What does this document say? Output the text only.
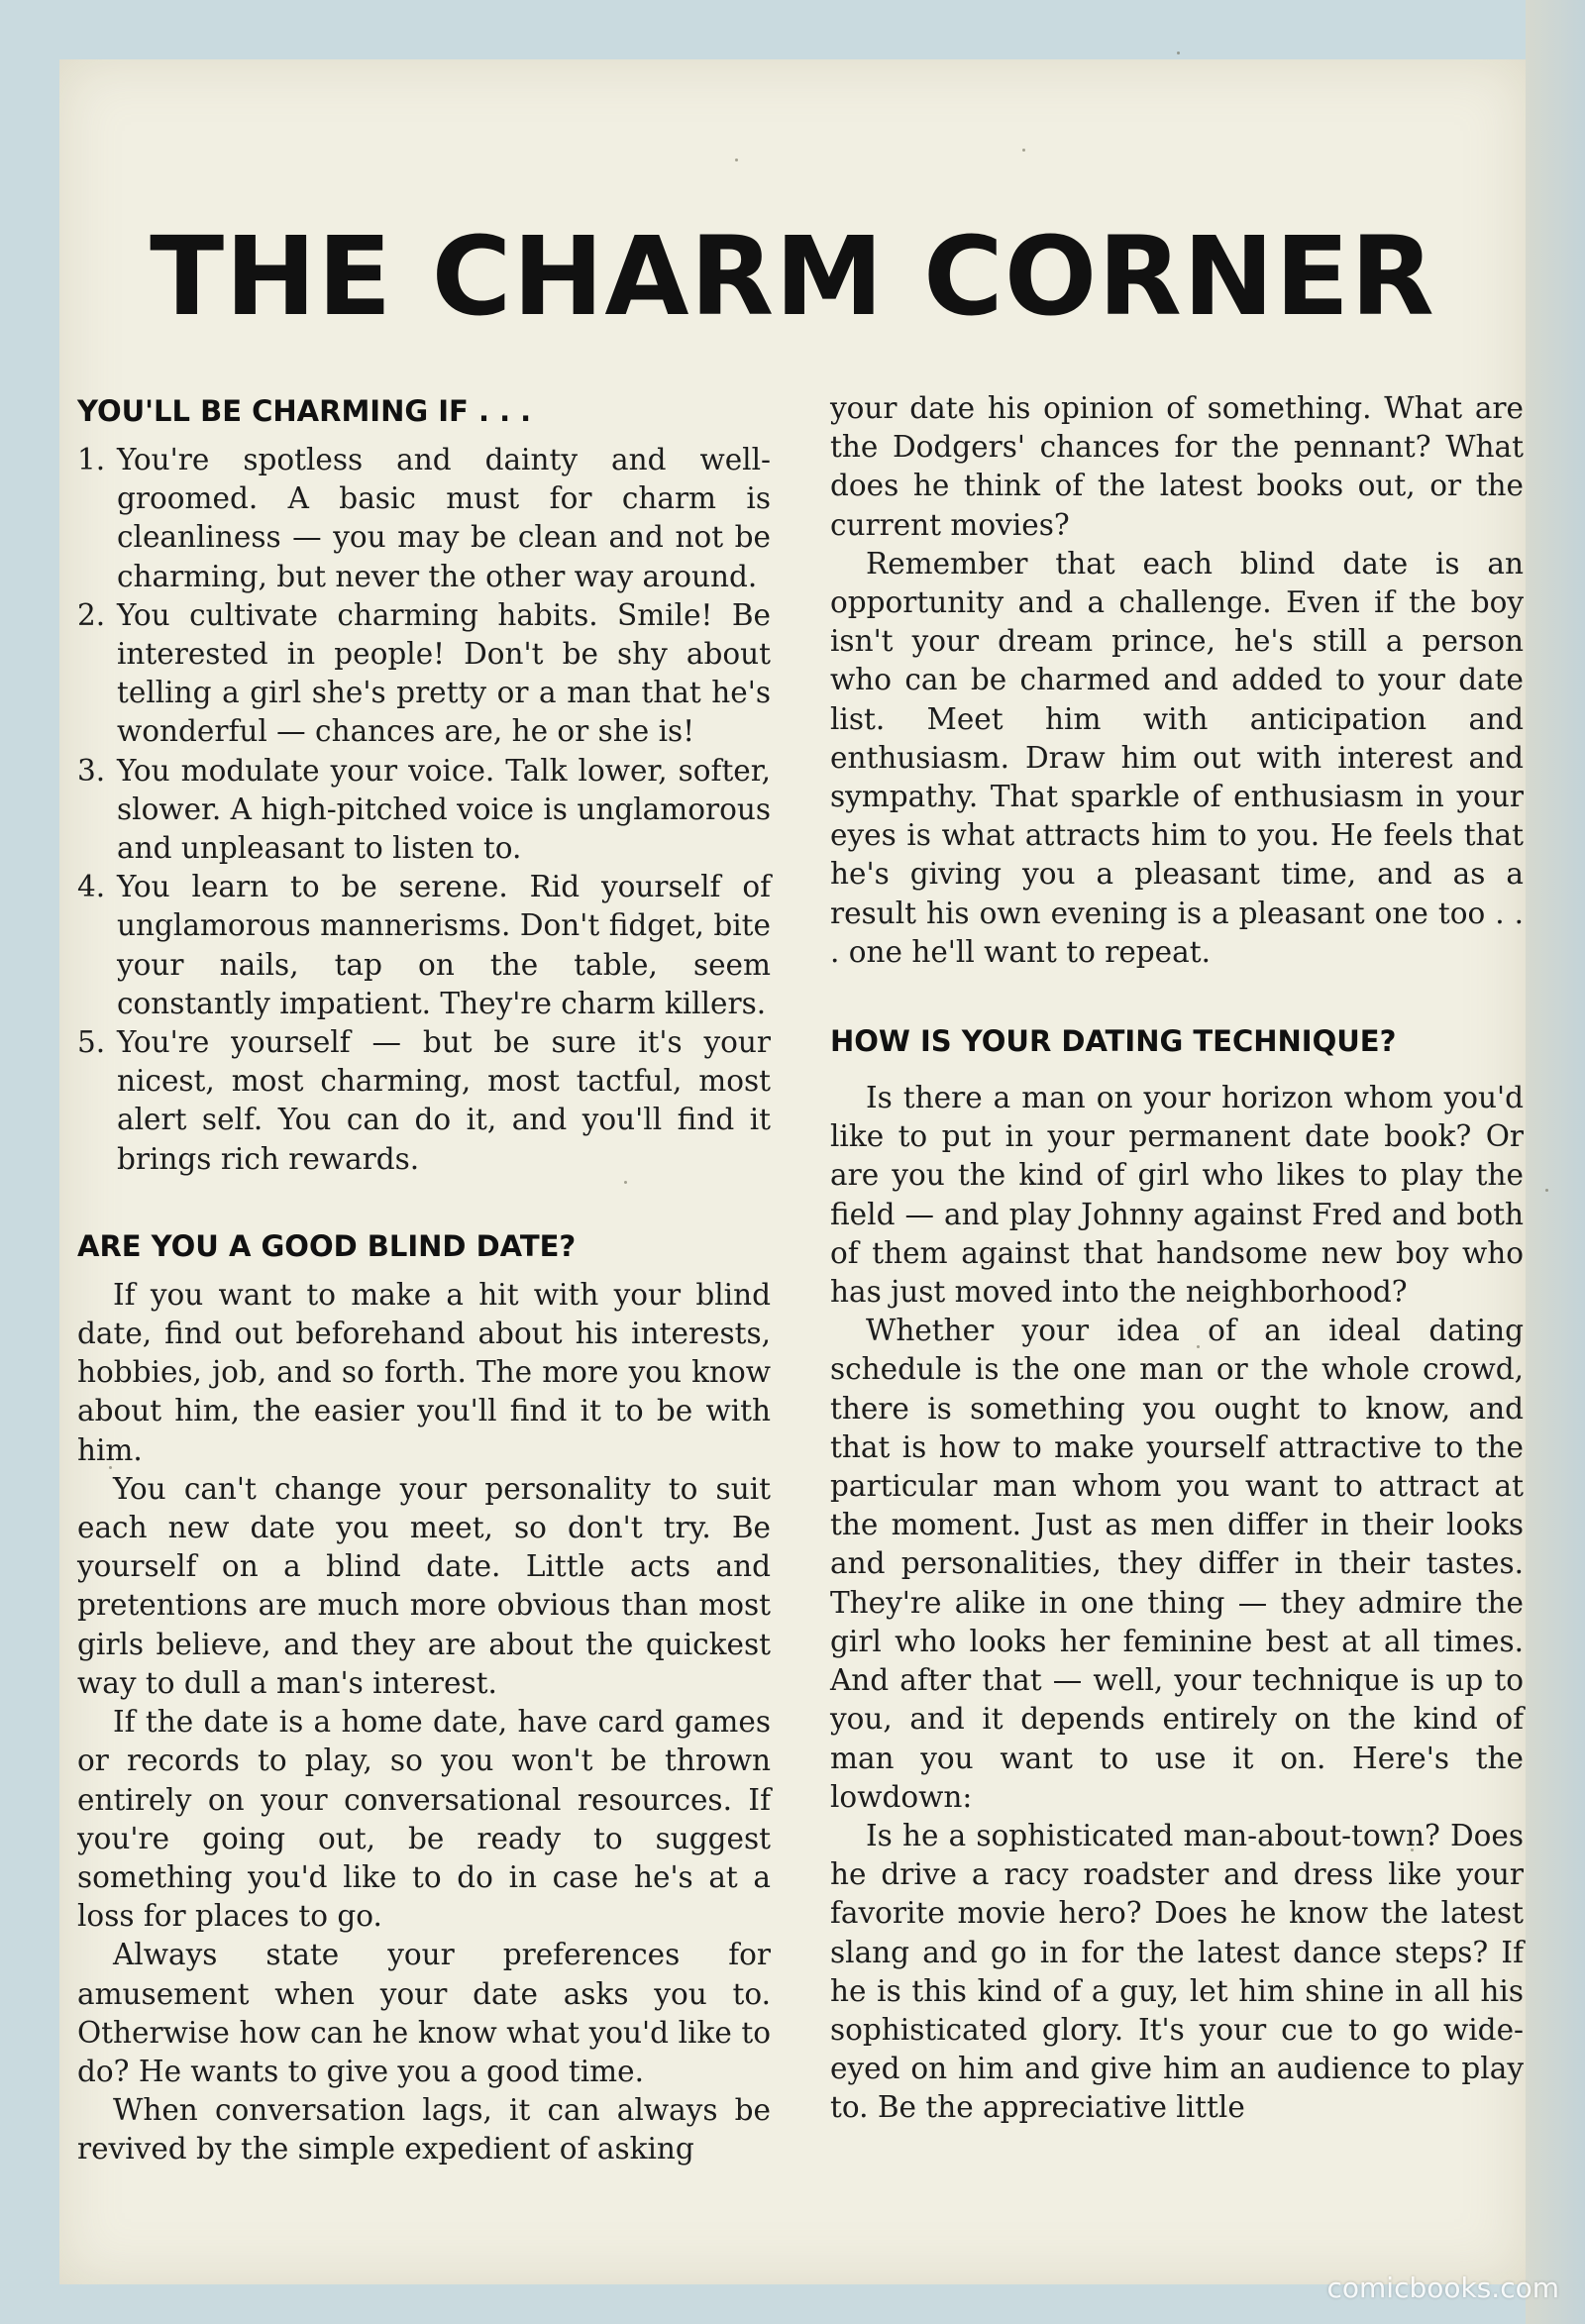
THE CHARM CORNER
YOU'LL BE CHARMING IF . . .
1. You're spotless and dainty and well-groomed. A basic must for charm is cleanliness — you may be clean and not be charming, but never the other way around.
2. You cultivate charming habits. Smile! Be interested in people! Don't be shy about telling a girl she's pretty or a man that he's wonderful — chances are, he or she is!
3. You modulate your voice. Talk lower, softer, slower. A high-pitched voice is unglamorous and unpleasant to listen to.
4. You learn to be serene. Rid yourself of unglamorous mannerisms. Don't fidget, bite your nails, tap on the table, seem constantly impatient. They're charm killers.
5. You're yourself — but be sure it's your nicest, most charming, most tactful, most alert self. You can do it, and you'll find it brings rich rewards.
ARE YOU A GOOD BLIND DATE?

If you want to make a hit with your blind date, find out beforehand about his interests, hobbies, job, and so forth. The more you know about him, the easier you'll find it to be with him.

You can't change your personality to suit each new date you meet, so don't try. Be yourself on a blind date. Little acts and pretentions are much more obvious than most girls believe, and they are about the quickest way to dull a man's interest.

If the date is a home date, have card games or records to play, so you won't be thrown entirely on your conversational resources. If you're going out, be ready to suggest something you'd like to do in case he's at a loss for places to go.

Always state your preferences for amusement when your date asks you to. Otherwise how can he know what you'd like to do? He wants to give you a good time.

When conversation lags, it can always be revived by the simple expedient of asking

your date his opinion of something. What are the Dodgers' chances for the pennant? What does he think of the latest books out, or the current movies?

Remember that each blind date is an opportunity and a challenge. Even if the boy isn't your dream prince, he's still a person who can be charmed and added to your date list. Meet him with anticipation and enthusiasm. Draw him out with interest and sympathy. That sparkle of enthusiasm in your eyes is what attracts him to you. He feels that he's giving you a pleasant time, and as a result his own evening is a pleasant one too . . . one he'll want to repeat.

HOW IS YOUR DATING TECHNIQUE?

Is there a man on your horizon whom you'd like to put in your permanent date book? Or are you the kind of girl who likes to play the field — and play Johnny against Fred and both of them against that handsome new boy who has just moved into the neighborhood?

Whether your idea of an ideal dating schedule is the one man or the whole crowd, there is something you ought to know, and that is how to make yourself attractive to the particular man whom you want to attract at the moment. Just as men differ in their looks and personalities, they differ in their tastes. They're alike in one thing — they admire the girl who looks her feminine best at all times. And after that — well, your technique is up to you, and it depends entirely on the kind of man you want to use it on. Here's the lowdown:

Is he a sophisticated man-about-town? Does he drive a racy roadster and dress like your favorite movie hero? Does he know the latest slang and go in for the latest dance steps? If he is this kind of a guy, let him shine in all his sophisticated glory. It's your cue to go wide-eyed on him and give him an audience to play to. Be the appreciative little

comicbooks.com
